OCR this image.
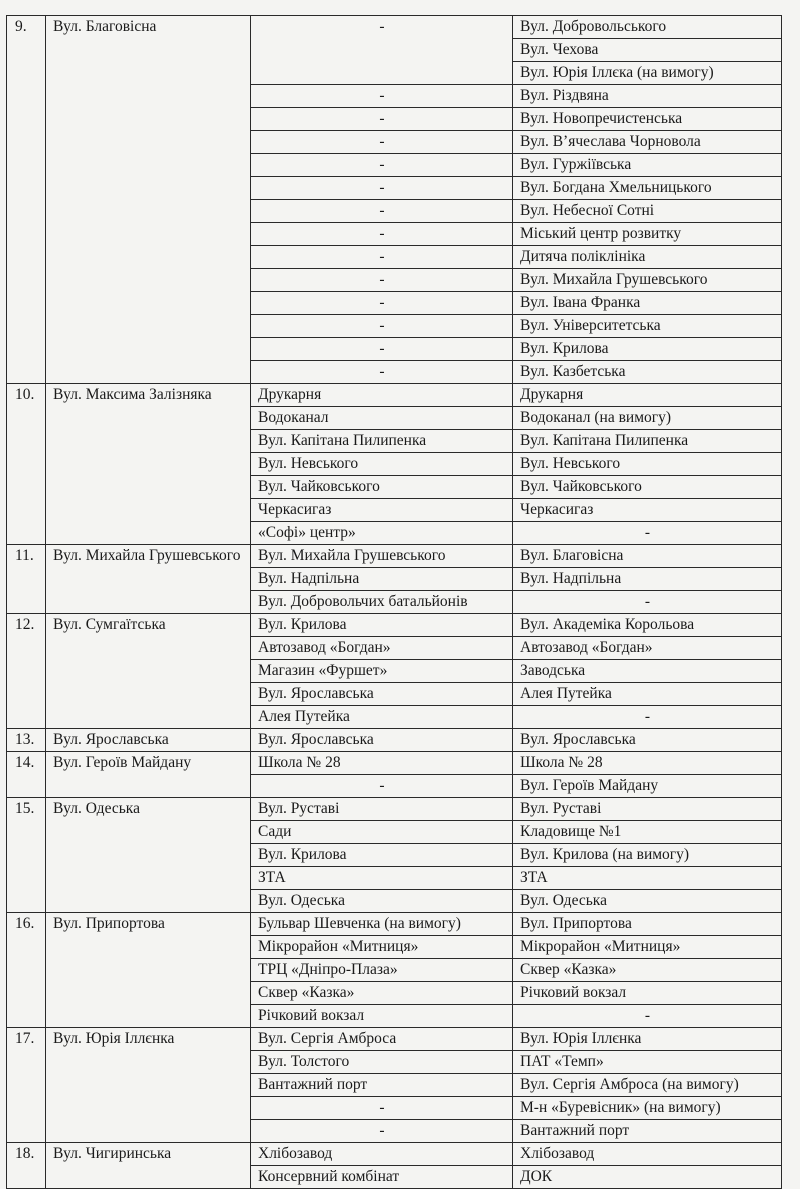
9.	Вул. Благовісна	-	Вул. Добровольського
			Вул. Чехова
			Вул. Юрія Іллєка (на вимогу)
		-	Вул. Різдвяна
		-	Вул. Новопречистенська
		-	Вул. В’ячеслава Чорновола
		-	Вул. Гуржіївська
		-	Вул. Богдана Хмельницького
		-	Вул. Небесної Сотні
		-	Міський центр розвитку
		-	Дитяча поліклініка
		-	Вул. Михайла Грушевського
		-	Вул. Івана Франка
		-	Вул. Університетська
		-	Вул. Крилова
		-	Вул. Казбетська
10.	Вул. Максима Залізняка	Друкарня	Друкарня
		Водоканал	Водоканал (на вимогу)
		Вул. Капітана Пилипенка	Вул. Капітана Пилипенка
		Вул. Невського	Вул. Невського
		Вул. Чайковського	Вул. Чайковського
		Черкасигаз	Черкасигаз
		«Софі» центр»	-
11.	Вул. Михайла Грушевського	Вул. Михайла Грушевського	Вул. Благовісна
		Вул. Надпільна	Вул. Надпільна
		Вул. Добровольчих батальйонів	-
12.	Вул. Сумгаїтська	Вул. Крилова	Вул. Академіка Корольова
		Автозавод «Богдан»	Автозавод «Богдан»
		Магазин «Фуршет»	Заводська
		Вул. Ярославська	Алея Путейка
		Алея Путейка	-
13.	Вул. Ярославська	Вул. Ярославська	Вул. Ярославська
14.	Вул. Героїв Майдану	Школа № 28	Школа № 28
		-	Вул. Героїв Майдану
15.	Вул. Одеська	Вул. Руставі	Вул. Руставі
		Сади	Кладовище №1
		Вул. Крилова	Вул. Крилова (на вимогу)
		ЗТА	ЗТА
		Вул. Одеська	Вул. Одеська
16.	Вул. Припортова	Бульвар Шевченка (на вимогу)	Вул. Припортова
		Мікрорайон «Митниця»	Мікрорайон «Митниця»
		ТРЦ «Дніпро-Плаза»	Сквер «Казка»
		Сквер «Казка»	Річковий вокзал
		Річковий вокзал	-
17.	Вул. Юрія Іллєнка	Вул. Сергія Амброса	Вул. Юрія Іллєнка
		Вул. Толстого	ПАТ «Темп»
		Вантажний порт	Вул. Сергія Амброса (на вимогу)
		-	М-н «Буревісник» (на вимогу)
		-	Вантажний порт
18.	Вул. Чигиринська	Хлібозавод	Хлібозавод
		Консервний комбінат	ДОК
